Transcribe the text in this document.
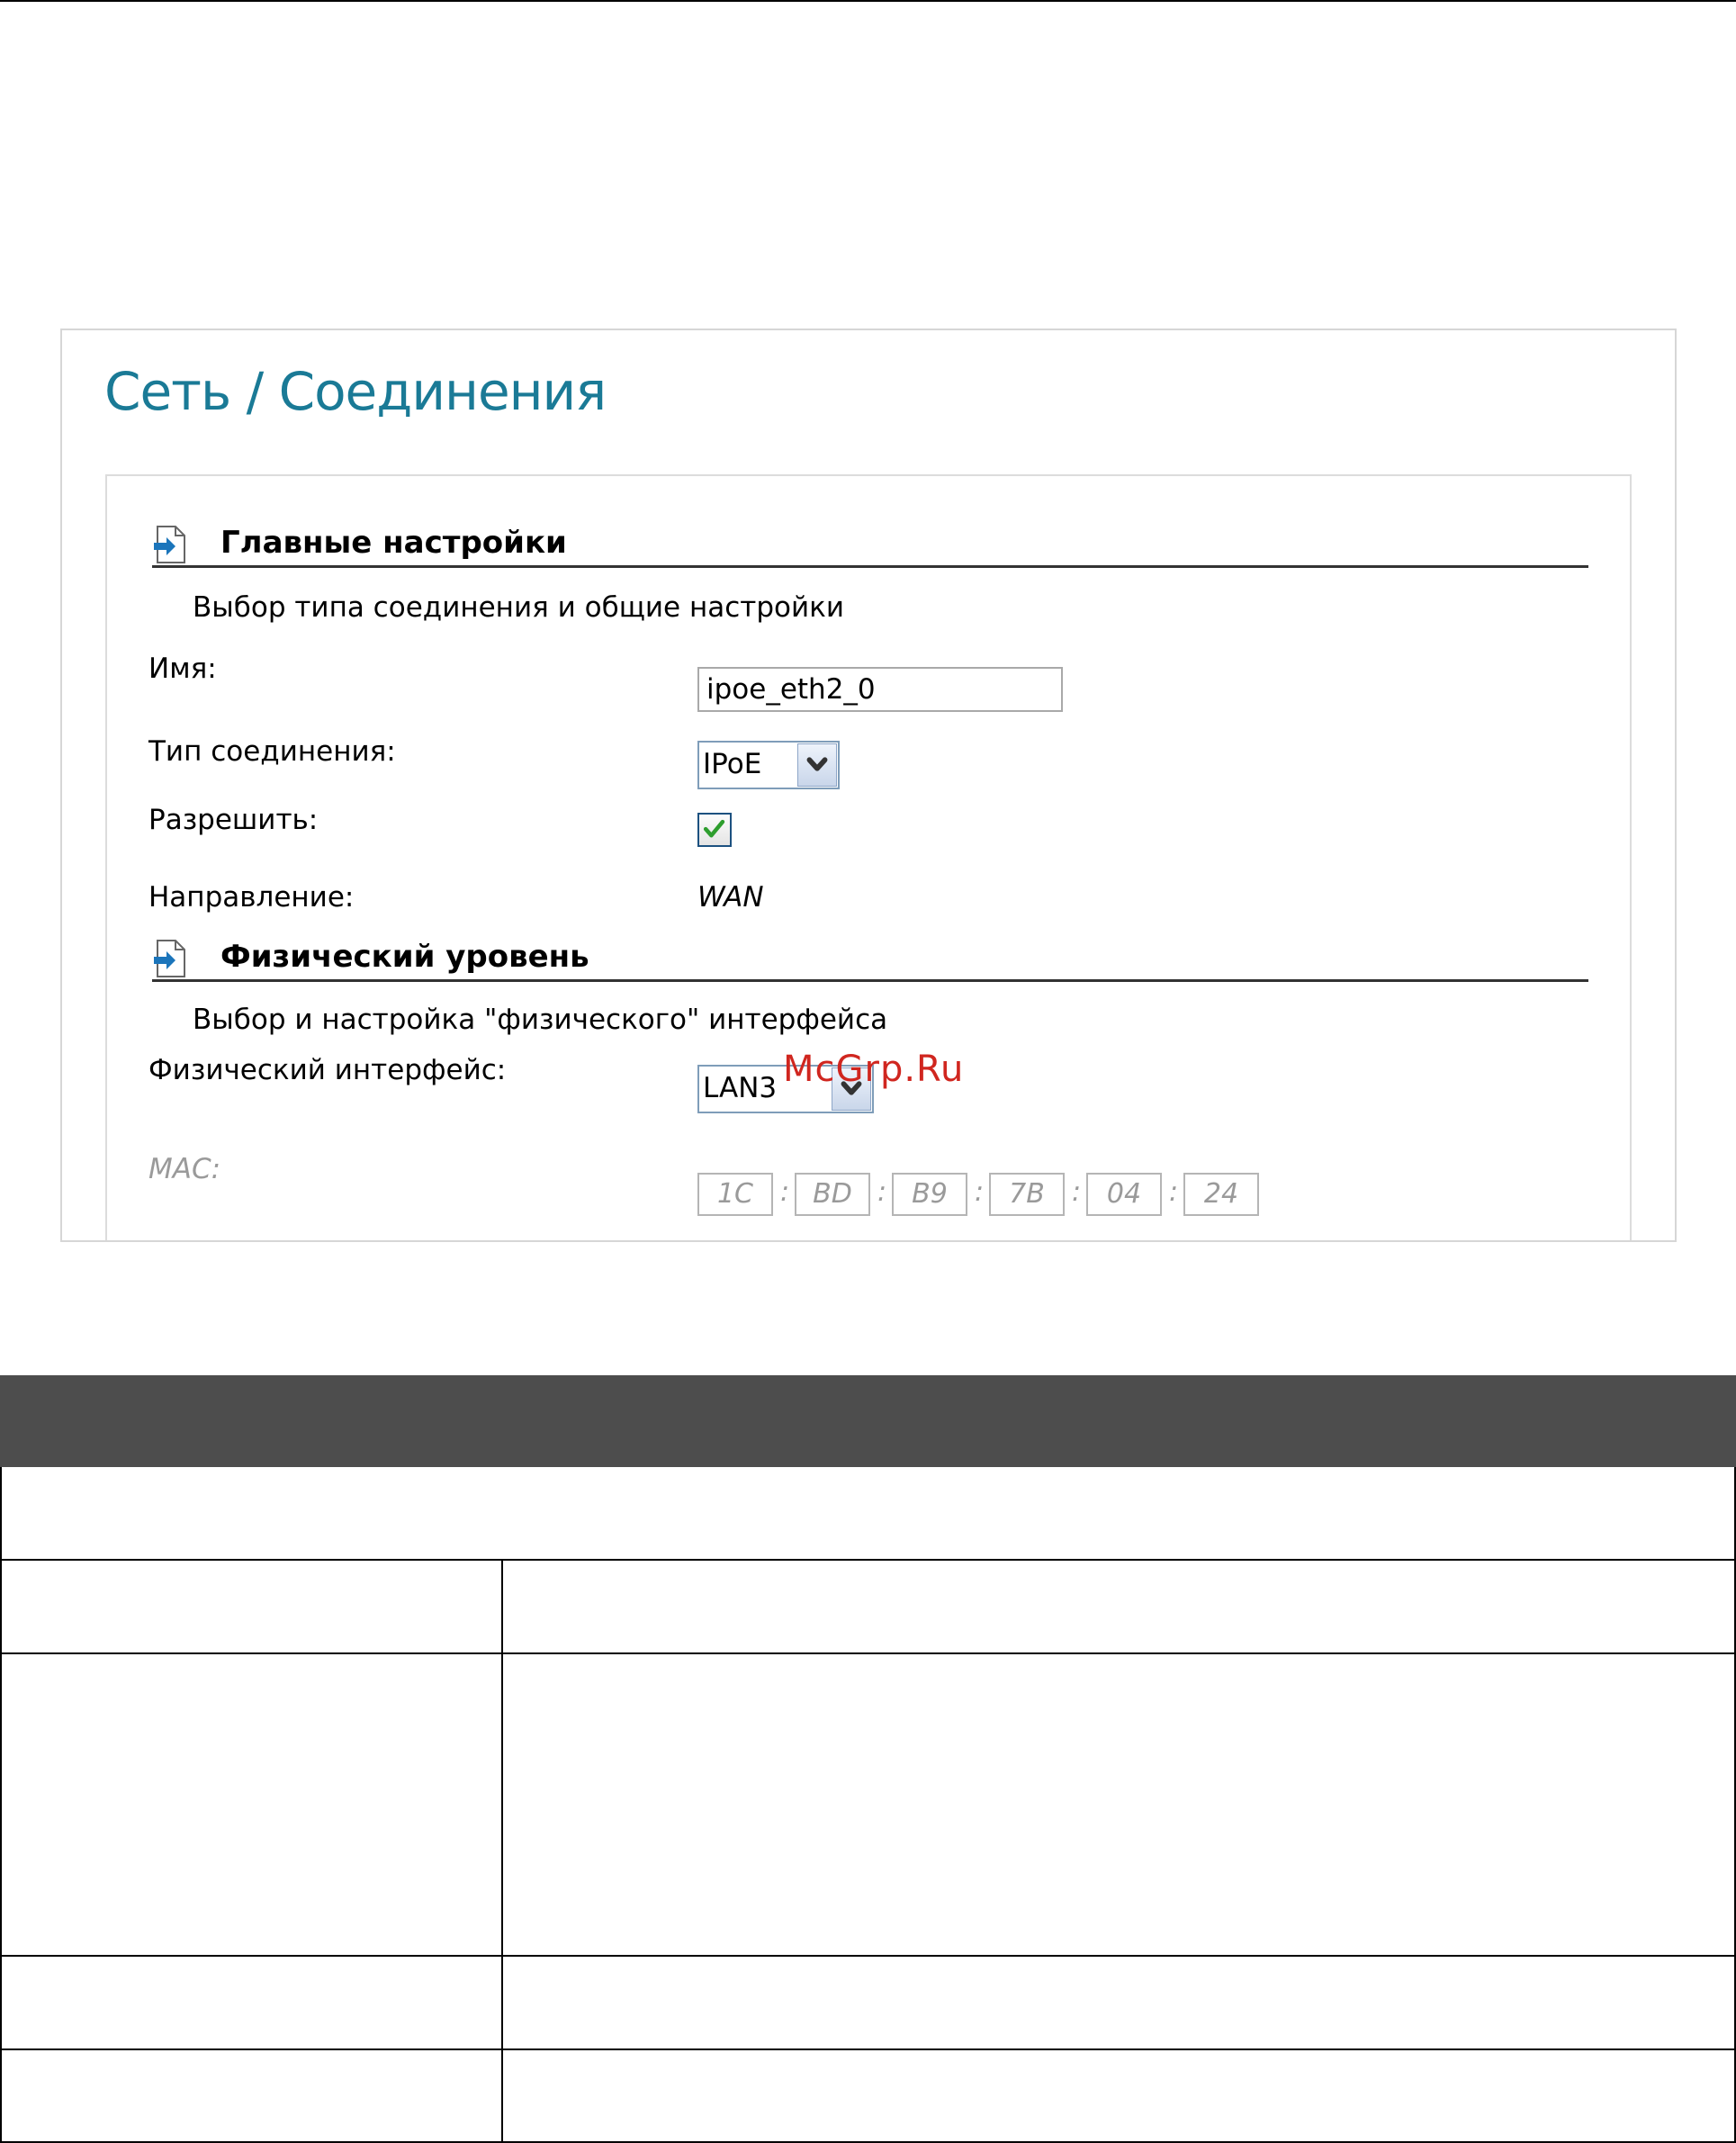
Сеть / Соединения
Главные настройки
Выбор типа соединения и общие настройки
Имя:
ipoe_eth2_0
Тип соединения:	IPoE
Разрешить:
Направление:	WAN
Физический уровень
Выбор и настройка "физического" интерфейса
Физический интерфейс:
LAN3
MAC:
1C : BD : B9	: 7B	: 04	: 24
McGrp.Ru
